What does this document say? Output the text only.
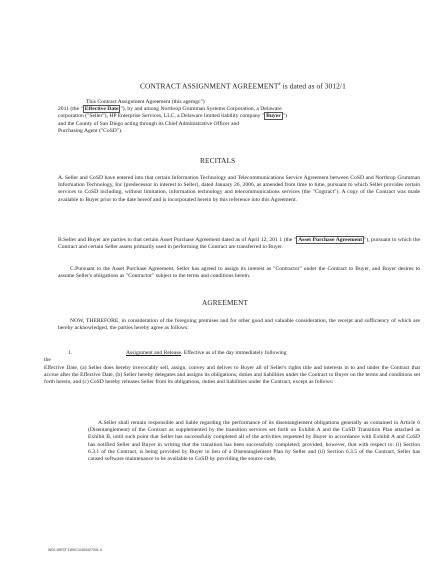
CONTRACT ASSIGNMENT AGREEMENT# is dated as of 3012/1
This Contract Assignment Agreement (this agemgc")
2011 (the " Effective Date "), by and among Northrop Grumman Systems Corporation, a Delaware
corporation ("Seller"), HP Enterprise Services, LLC, a Delaware limited liability company " Buyer ")
and the County of San Diego acting through its Chief Administrative Officer and
Purchasing Agent ("CoSD").
RECITALS
A. Seller and CoSD have entered into that certain Information Technology and Telecommunications Service Agreement between CoSD and Northrop Grumman Information Technology, Inc (predecessor in interest to Seller), dated January 26, 2006, as amended from time to time, pursuant to which Seller provides certain services to CoSD including, without limitation, information technology and telecommunications services (the "Cogtract"). A copy of the Contract was made available to Buyer prior to the date hereof and is incorporated herein by this reference into this Agreement.
B.Seller and Buyer are parties to that certain Asset Purchase Agreement dated as of April 12, 201 1 (the " Asset Purchase Agreement "), pursuant to which the Contract and certain Seller assets primarily used in performing the Contract are transferred to Buyer.
C.Pursuant to the Asset Purchase Agreement, Seller has agreed to assign its interest as "Contractor" under the Contract to Buyer, and Buyer desires to assume Seller's obligations as "Contractor" subject to the terms and conditions herein.
AGREEMENT
NOW, THEREFORE, in consideration of the foregoing premises and for other good and valuable consideration, the receipt and sufficiency of which are hereby acknowledged, the parties hereby agree as follows:
1.	Assignment and Release. Effective as of the day immediately following
the
Effective Date, (a) Seller does hereby irrevocably sell, assign, convey and deliver to Buyer all of Seller's rights title and interests in to and under the Contract that accrue after the Effective Date, (b) Seller hereby delegates and assigns its obligations, duties and liabilities under the Contract to Buyer on the terms and conditions set forth herein, and (c) CoSD hereby releases Seller from its obligations, duties and liabilities under the Contract, except as follows:
A.Seller shall remain responsible and liable regarding the performance of its disentanglement obligations generally as contained in Article 6 (Disentanglement) of the Contract as supplemented by the transition services set forth on Exhibit A and the CoSD Transition Plan attached as Exhibit B, until such point that Seller has successfully completed all of the activities requested by Buyer in accordance with Exhibit A and CoSD has notified Seller and Buyer in writing that the transition has been successfully completed; provided, however, that with respect to: (i) Section 6.3.1 of the Contract, is being provided by Buyer in lieu of a Disentanglement Plan by Seller and (ii) Section 6.3.5 of the Contract, Seller has caused software maintenance to be available to CoSD by providing the source code,
W02-WEST:1WKC1\403427031.4
